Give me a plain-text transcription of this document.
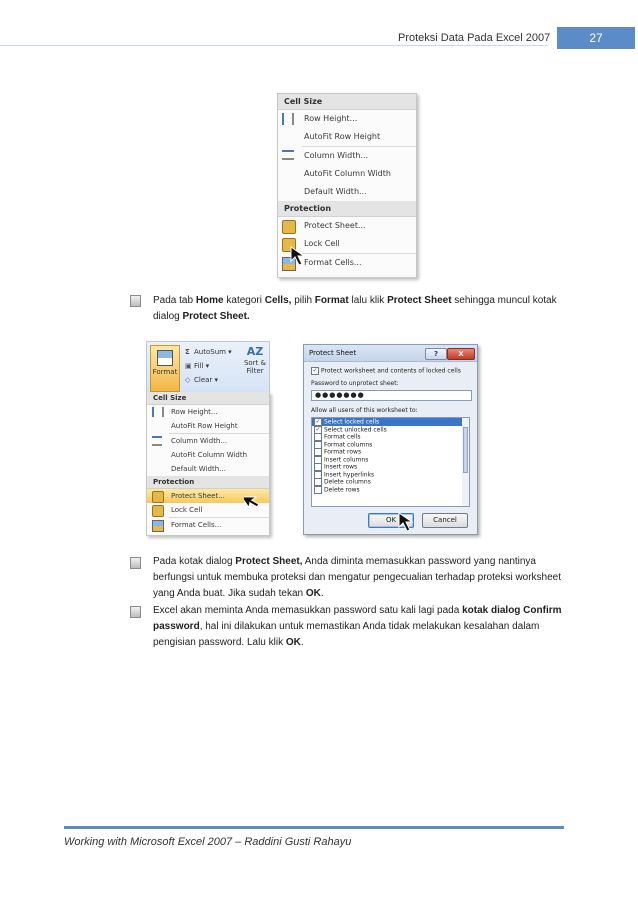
Proteksi Data Pada Excel 2007	27
Cell Size
Row Height...
AutoFit Row Height
Column Width...
AutoFit Column Width
Default Width...
Protection
Protect Sheet...
Lock Cell
Format Cells...
Pada tab Home kategori Cells, pilih Format lalu klik Protect Sheet sehingga muncul kotak dialog Protect Sheet.
Format
Σ AutoSum ▾
▣ Fill ▾
◇ Clear ▾
AZ
Sort &
Filter
Cell Size
Row Height...
AutoFit Row Height
Column Width...
AutoFit Column Width
Default Width...
Protection
Protect Sheet...
Lock Cell
Format Cells...
Protect Sheet	?	X
✓ Protect worksheet and contents of locked cells
Password to unprotect sheet:
●●●●●●●
Allow all users of this worksheet to:
✓ Select locked cells
✓ Select unlocked cells
Format cells
Format columns
Format rows
Insert columns
Insert rows
Insert hyperlinks
Delete columns
Delete rows
OK	Cancel
Pada kotak dialog Protect Sheet, Anda diminta memasukkan password yang nantinya berfungsi untuk membuka proteksi dan mengatur pengecualian terhadap proteksi worksheet yang Anda buat. Jika sudah tekan OK.
Excel akan meminta Anda memasukkan password satu kali lagi pada kotak dialog Confirm password, hal ini dilakukan untuk memastikan Anda tidak melakukan kesalahan dalam pengisian password. Lalu klik OK.
Working with Microsoft Excel 2007 – Raddini Gusti Rahayu
